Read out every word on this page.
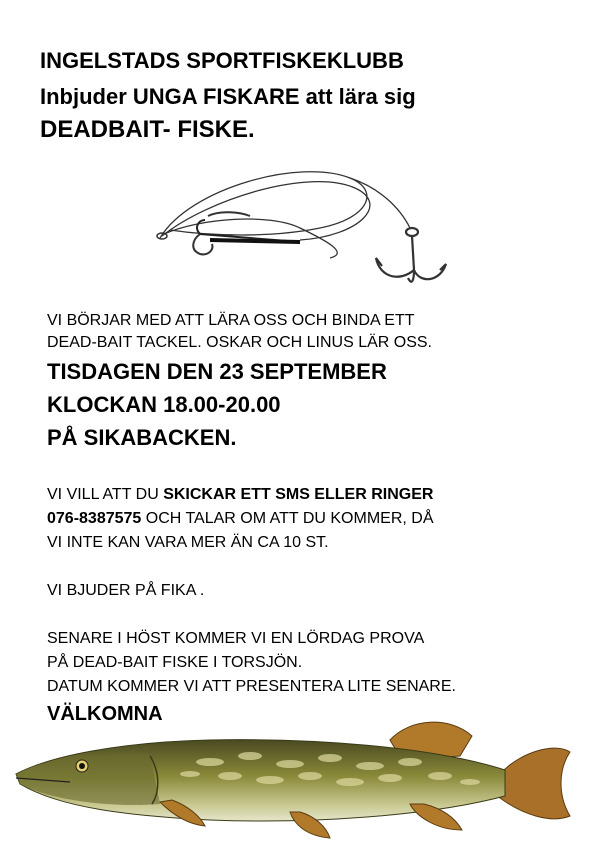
INGELSTADS SPORTFISKEKLUBB
Inbjuder UNGA FISKARE att lära sig
DEADBAIT- FISKE.
VI BÖRJAR MED ATT LÄRA OSS OCH BINDA ETT
DEAD-BAIT TACKEL. OSKAR OCH LINUS LÄR OSS.
TISDAGEN DEN 23 SEPTEMBER
KLOCKAN 18.00-20.00
PÅ SIKABACKEN.
VI VILL ATT DU SKICKAR ETT SMS ELLER RINGER
076-8387575 OCH TALAR OM ATT DU KOMMER, DÅ
VI INTE KAN VARA MER ÄN CA 10 ST.
VI BJUDER PÅ FIKA .
SENARE I HÖST KOMMER VI EN LÖRDAG PROVA
PÅ DEAD-BAIT FISKE I TORSJÖN.
DATUM KOMMER VI ATT PRESENTERA LITE SENARE.
VÄLKOMNA
